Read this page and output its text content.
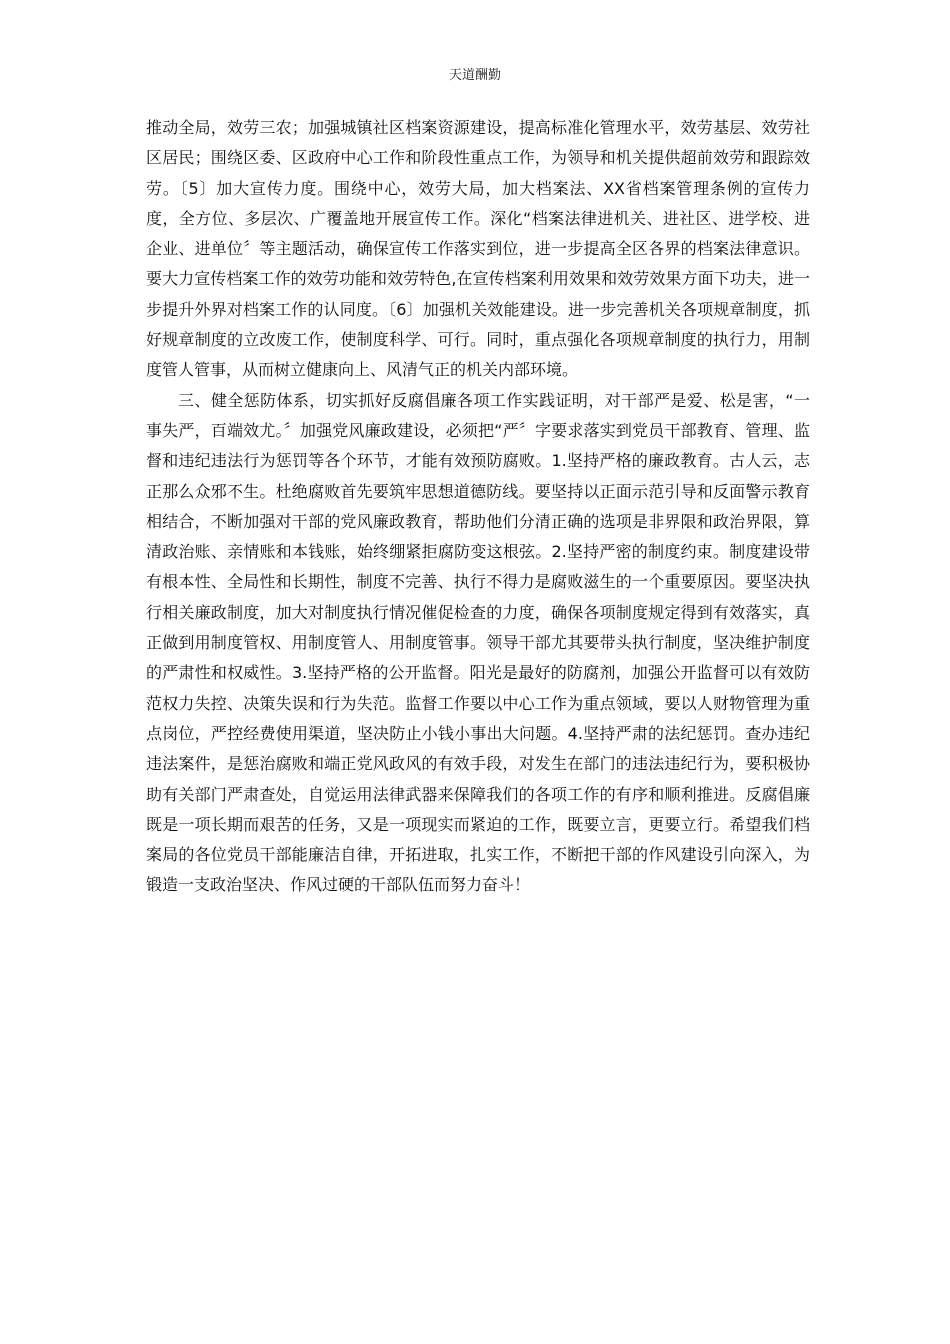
天道酬勤

推动全局，效劳三农；加强城镇社区档案资源建设，提高标准化管理水平，效劳基层、效劳社区居民；围绕区委、区政府中心工作和阶段性重点工作，为领导和机关提供超前效劳和跟踪效劳。〔5〕加大宣传力度。围绕中心，效劳大局，加大档案法、XX省档案管理条例的宣传力度，全方位、多层次、广覆盖地开展宣传工作。深化“档案法律进机关、进社区、进学校、进企业、进单位〞等主题活动，确保宣传工作落实到位，进一步提高全区各界的档案法律意识。要大力宣传档案工作的效劳功能和效劳特色,在宣传档案利用效果和效劳效果方面下功夫，进一步提升外界对档案工作的认同度。〔6〕加强机关效能建设。进一步完善机关各项规章制度，抓好规章制度的立改废工作，使制度科学、可行。同时，重点强化各项规章制度的执行力，用制度管人管事，从而树立健康向上、风清气正的机关内部环境。

三、健全惩防体系，切实抓好反腐倡廉各项工作实践证明，对干部严是爱、松是害，“一事失严，百端效尤。〞加强党风廉政建设，必须把“严〞字要求落实到党员干部教育、管理、监督和违纪违法行为惩罚等各个环节，才能有效预防腐败。1.坚持严格的廉政教育。古人云，志正那么众邪不生。杜绝腐败首先要筑牢思想道德防线。要坚持以正面示范引导和反面警示教育相结合，不断加强对干部的党风廉政教育，帮助他们分清正确的选项是非界限和政治界限，算清政治账、亲情账和本钱账，始终绷紧拒腐防变这根弦。2.坚持严密的制度约束。制度建设带有根本性、全局性和长期性，制度不完善、执行不得力是腐败滋生的一个重要原因。要坚决执行相关廉政制度，加大对制度执行情况催促检查的力度，确保各项制度规定得到有效落实，真正做到用制度管权、用制度管人、用制度管事。领导干部尤其要带头执行制度，坚决维护制度的严肃性和权威性。3.坚持严格的公开监督。阳光是最好的防腐剂，加强公开监督可以有效防范权力失控、决策失误和行为失范。监督工作要以中心工作为重点领域，要以人财物管理为重点岗位，严控经费使用渠道，坚决防止小钱小事出大问题。4.坚持严肃的法纪惩罚。查办违纪违法案件，是惩治腐败和端正党风政风的有效手段，对发生在部门的违法违纪行为，要积极协助有关部门严肃查处，自觉运用法律武器来保障我们的各项工作的有序和顺利推进。反腐倡廉既是一项长期而艰苦的任务，又是一项现实而紧迫的工作，既要立言，更要立行。希望我们档案局的各位党员干部能廉洁自律，开拓进取，扎实工作，不断把干部的作风建设引向深入，为锻造一支政治坚决、作风过硬的干部队伍而努力奋斗！
